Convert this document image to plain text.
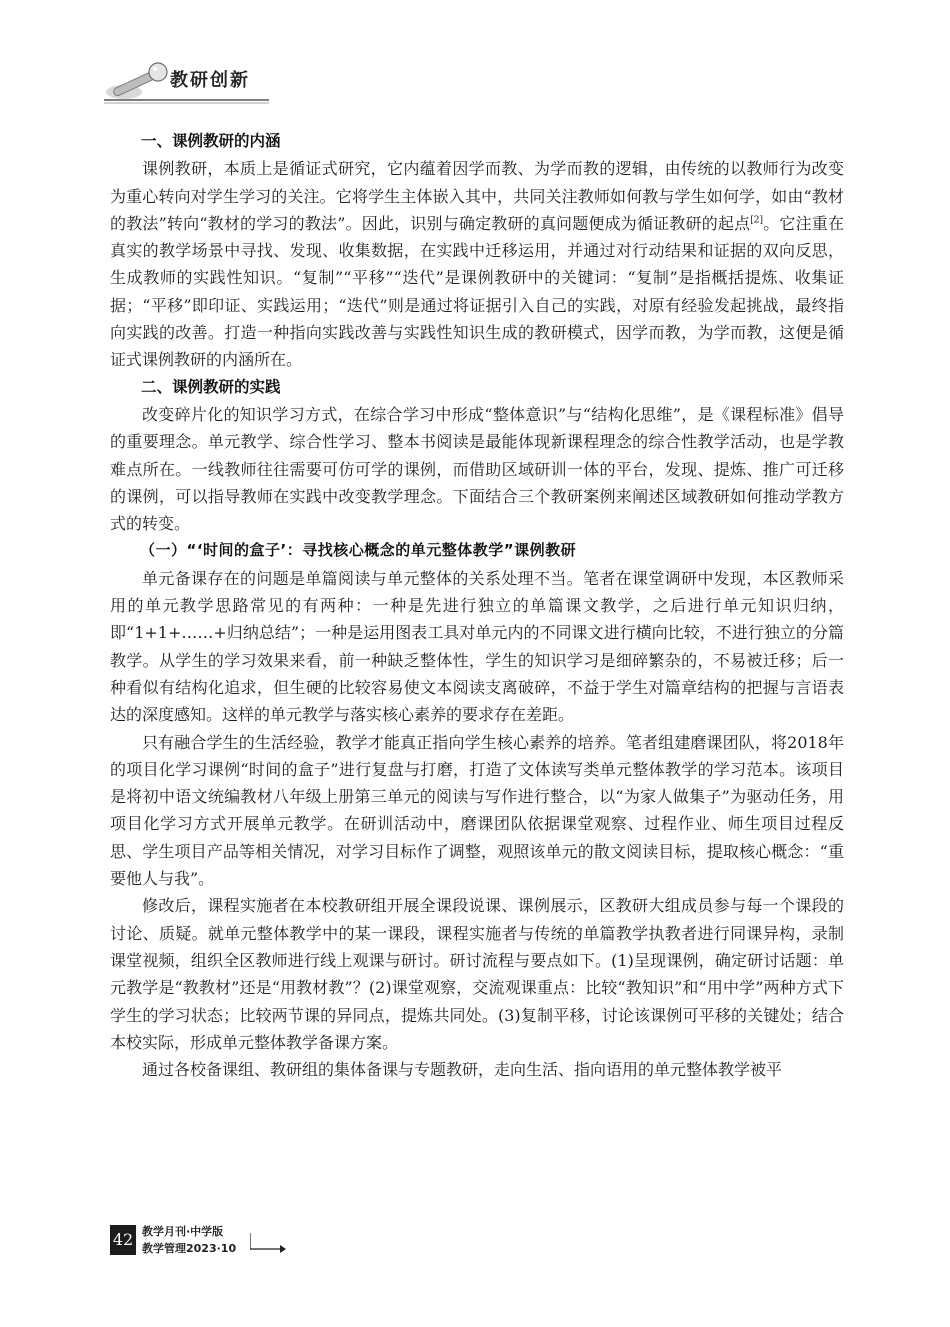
教研创新

一、课例教研的内涵

课例教研，本质上是循证式研究，它内蕴着因学而教、为学而教的逻辑，由传统的以教师行为改变为重心转向对学生学习的关注。它将学生主体嵌入其中，共同关注教师如何教与学生如何学，如由“教材的教法”转向“教材的学习的教法”。因此，识别与确定教研的真问题便成为循证教研的起点[2]。它注重在真实的教学场景中寻找、发现、收集数据，在实践中迁移运用，并通过对行动结果和证据的双向反思，生成教师的实践性知识。“复制”“平移”“迭代”是课例教研中的关键词：“复制”是指概括提炼、收集证据；“平移”即印证、实践运用；“迭代”则是通过将证据引入自己的实践，对原有经验发起挑战，最终指向实践的改善。打造一种指向实践改善与实践性知识生成的教研模式，因学而教，为学而教，这便是循证式课例教研的内涵所在。

二、课例教研的实践

改变碎片化的知识学习方式，在综合学习中形成“整体意识”与“结构化思维”，是《课程标准》倡导的重要理念。单元教学、综合性学习、整本书阅读是最能体现新课程理念的综合性教学活动，也是学教难点所在。一线教师往往需要可仿可学的课例，而借助区域研训一体的平台，发现、提炼、推广可迁移的课例，可以指导教师在实践中改变教学理念。下面结合三个教研案例来阐述区域教研如何推动学教方式的转变。

（一）“‘时间的盒子’：寻找核心概念的单元整体教学”课例教研

单元备课存在的问题是单篇阅读与单元整体的关系处理不当。笔者在课堂调研中发现，本区教师采用的单元教学思路常见的有两种：一种是先进行独立的单篇课文教学，之后进行单元知识归纳，即“1+1+……+归纳总结”；一种是运用图表工具对单元内的不同课文进行横向比较，不进行独立的分篇教学。从学生的学习效果来看，前一种缺乏整体性，学生的知识学习是细碎繁杂的，不易被迁移；后一种看似有结构化追求，但生硬的比较容易使文本阅读支离破碎，不益于学生对篇章结构的把握与言语表达的深度感知。这样的单元教学与落实核心素养的要求存在差距。

只有融合学生的生活经验，教学才能真正指向学生核心素养的培养。笔者组建磨课团队，将2018年的项目化学习课例“时间的盒子”进行复盘与打磨，打造了文体读写类单元整体教学的学习范本。该项目是将初中语文统编教材八年级上册第三单元的阅读与写作进行整合，以“为家人做集子”为驱动任务，用项目化学习方式开展单元教学。在研训活动中，磨课团队依据课堂观察、过程作业、师生项目过程反思、学生项目产品等相关情况，对学习目标作了调整，观照该单元的散文阅读目标，提取核心概念：“重要他人与我”。

修改后，课程实施者在本校教研组开展全课段说课、课例展示，区教研大组成员参与每一个课段的讨论、质疑。就单元整体教学中的某一课段，课程实施者与传统的单篇教学执教者进行同课异构，录制课堂视频，组织全区教师进行线上观课与研讨。研讨流程与要点如下。(1)呈现课例，确定研讨话题：单元教学是“教教材”还是“用教材教”？(2)课堂观察，交流观课重点：比较“教知识”和“用中学”两种方式下学生的学习状态；比较两节课的异同点，提炼共同处。(3)复制平移，讨论该课例可平移的关键处；结合本校实际，形成单元整体教学备课方案。

通过各校备课组、教研组的集体备课与专题教研，走向生活、指向语用的单元整体教学被平

42 教学月刊·中学版
教学管理2023·10
